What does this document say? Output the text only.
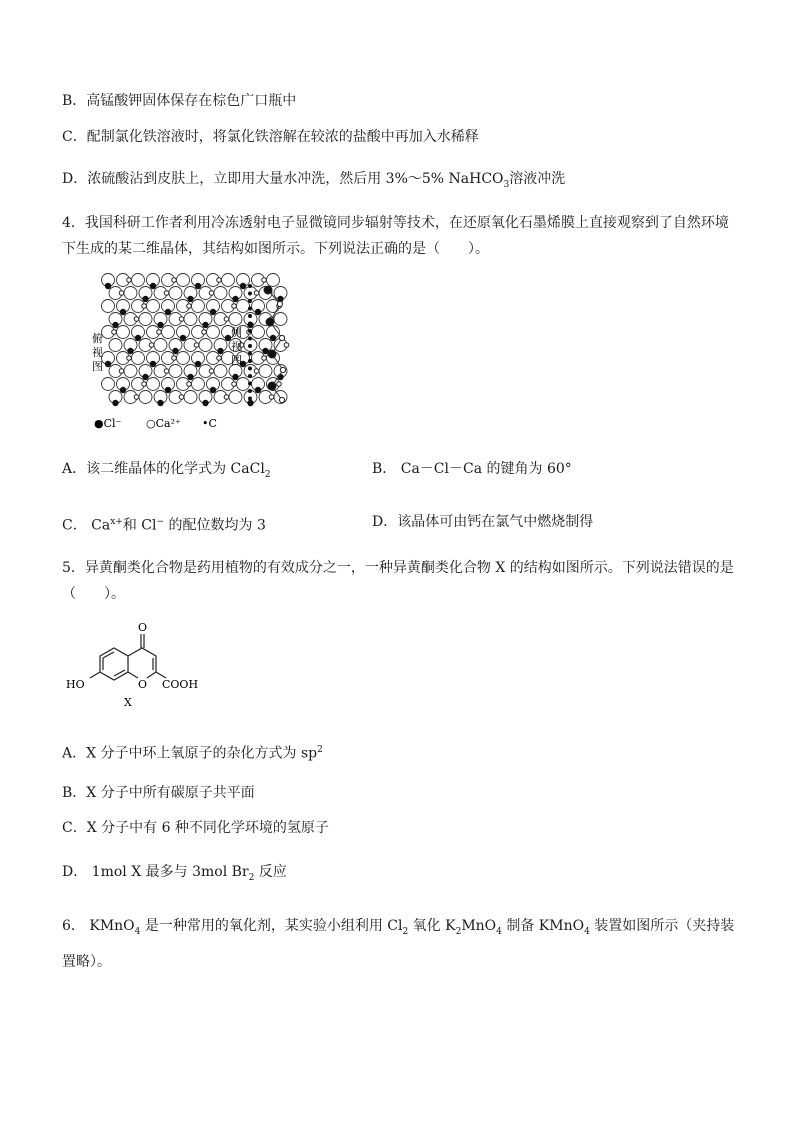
B．高锰酸钾固体保存在棕色广口瓶中
C．配制氯化铁溶液时，将氯化铁溶解在较浓的盐酸中再加入水稀释
D．浓硫酸沾到皮肤上，立即用大量水冲洗，然后用 3%～5% NaHCO$_3$溶液冲洗
4．我国科研工作者利用冷冻透射电子显微镜同步辐射等技术，在还原氧化石墨烯膜上直接观察到了自然环境下生成的某二维晶体，其结构如图所示。下列说法正确的是（　　）。
俯视图
●Cl⁻ ○Ca²⁺ •C
侧视图
A．该二维晶体的化学式为 CaCl$_2$	B． Ca－Cl－Ca 的键角为 60°
C． $Ca^{x+}$和 Cl− 的配位数均为 3	D．该晶体可由钙在氯气中燃烧制得
5．异黄酮类化合物是药用植物的有效成分之一，一种异黄酮类化合物 X 的结构如图所示。下列说法错误的是（　　）。
O
HO	O COOH
X
A．X 分子中环上氧原子的杂化方式为 $sp^2$
B．X 分子中所有碳原子共平面
C．X 分子中有 6 种不同化学环境的氢原子
D． 1mol X 最多与 3mol $Br_2$ 反应
6． KMnO$_4$ 是一种常用的氧化剂，某实验小组利用 $Cl_2$ 氧化 $K_2MnO_4$ 制备 KMnO$_4$ 装置如图所示（夹持装置略）。
